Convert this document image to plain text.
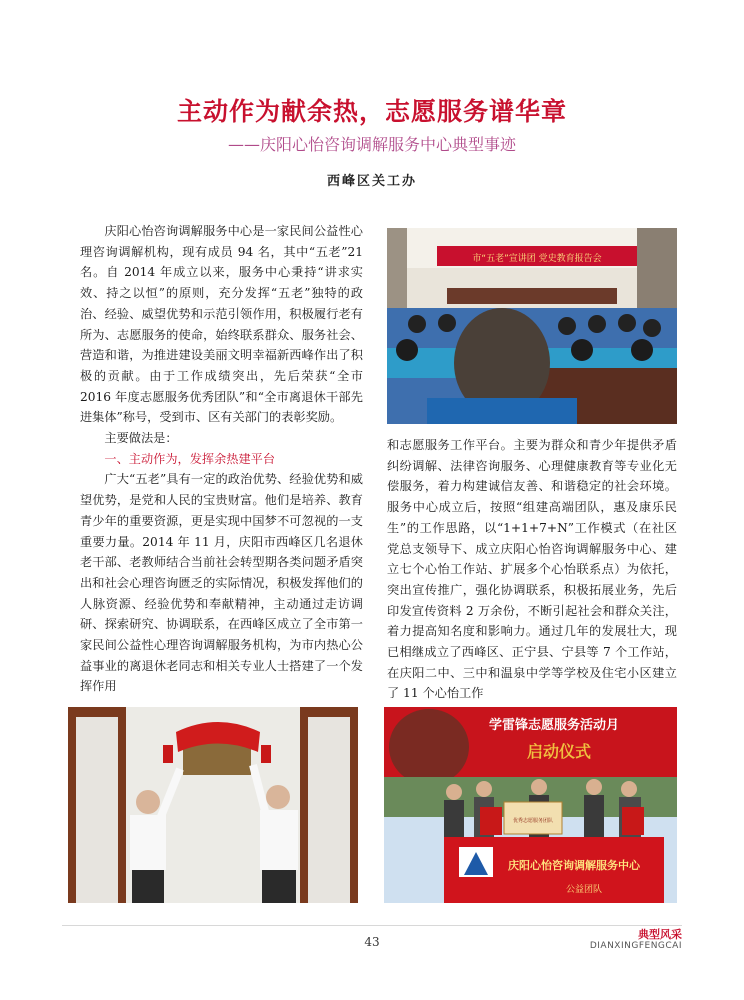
主动作为献余热，志愿服务谱华章
——庆阳心怡咨询调解服务中心典型事迹
西峰区关工办

庆阳心怡咨询调解服务中心是一家民间公益性心理咨询调解机构，现有成员 94 名，其中“五老”21 名。自 2014 年成立以来，服务中心秉持“讲求实效、持之以恒”的原则，充分发挥“五老”独特的政治、经验、威望优势和示范引领作用，积极履行老有所为、志愿服务的使命，始终联系群众、服务社会、营造和谐，为推进建设美丽文明幸福新西峰作出了积极的贡献。由于工作成绩突出，先后荣获“全市 2016 年度志愿服务优秀团队”和“全市离退休干部先进集体”称号，受到市、区有关部门的表彰奖励。

主要做法是：

一、主动作为，发挥余热建平台

广大“五老”具有一定的政治优势、经验优势和威望优势，是党和人民的宝贵财富。他们是培养、教育青少年的重要资源，更是实现中国梦不可忽视的一支重要力量。2014 年 11 月，庆阳市西峰区几名退休老干部、老教师结合当前社会转型期各类问题矛盾突出和社会心理咨询匮乏的实际情况，积极发挥他们的人脉资源、经验优势和奉献精神，主动通过走访调研、探索研究、协调联系，在西峰区成立了全市第一家民间公益性心理咨询调解服务机构，为市内热心公益事业的离退休老同志和相关专业人士搭建了一个发挥作用

和志愿服务工作平台。主要为群众和青少年提供矛盾纠纷调解、法律咨询服务、心理健康教育等专业化无偿服务，着力构建诚信友善、和谐稳定的社会环境。服务中心成立后，按照“组建高端团队，惠及康乐民生”的工作思路，以“1+1+7+N”工作模式（在社区党总支领导下、成立庆阳心怡咨询调解服务中心、建立七个心怡工作站、扩展多个心怡联系点）为依托，突出宣传推广，强化协调联系，积极拓展业务，先后印发宣传资料 2 万余份，不断引起社会和群众关注，着力提高知名度和影响力。通过几年的发展壮大，现已相继成立了西峰区、正宁县、宁县等 7 个工作站，在庆阳二中、三中和温泉中学等学校及住宅小区建立了 11 个心怡工作

市“五老”宣讲团 党史教育报告会
学雷锋志愿服务活动月
启动仪式
优秀志愿服务团队
庆阳心怡咨询调解服务中心
公益团队
典型风采
DIANXINGFENGCAI
43
